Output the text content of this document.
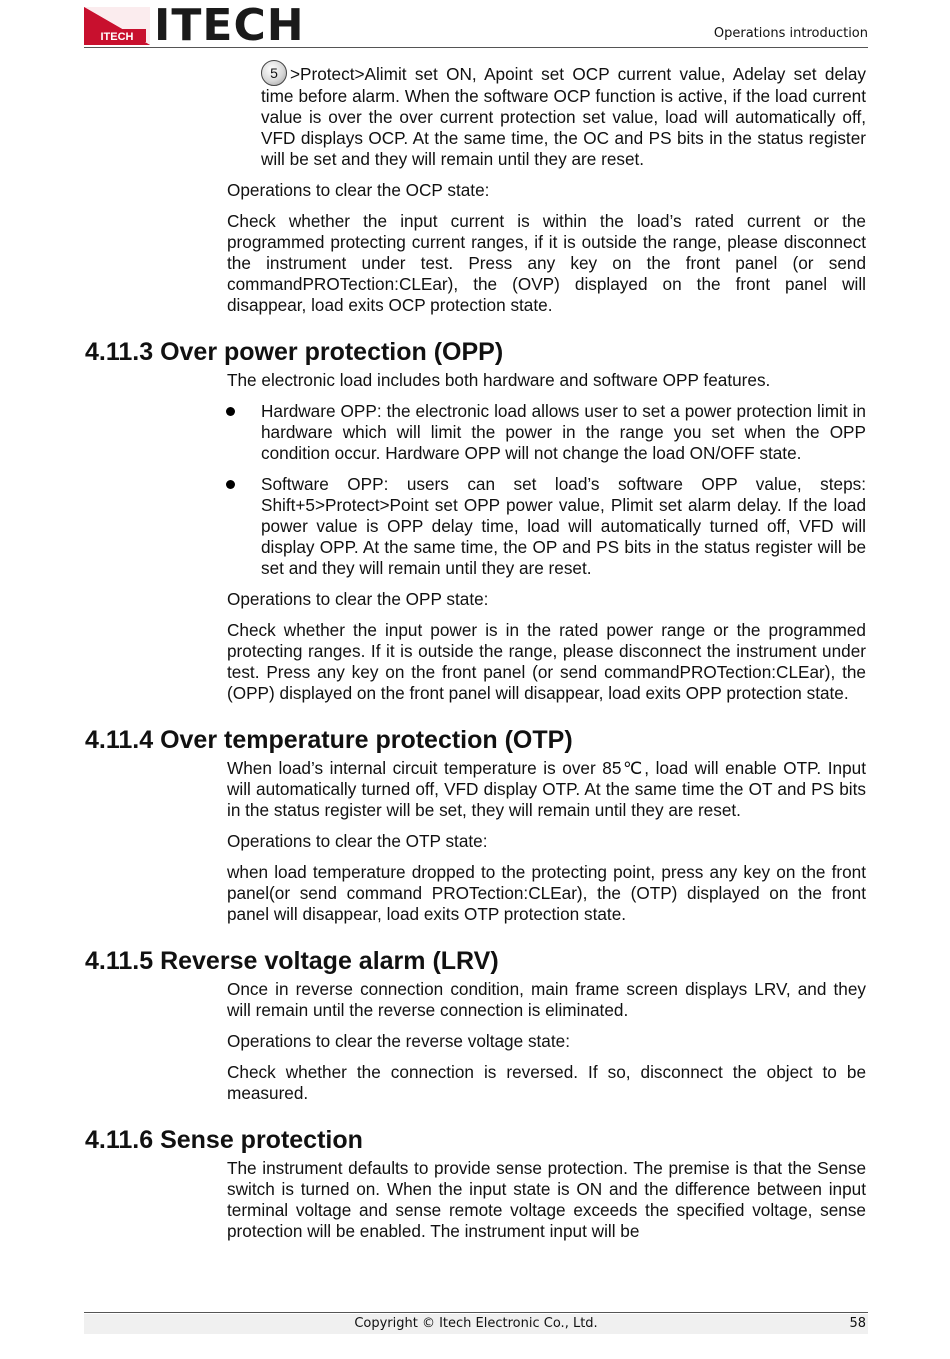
ITECH ITECH	Operations introduction

5 >Protect>Alimit set ON, Apoint set OCP current value, Adelay set delay time before alarm. When the software OCP function is active, if the load current value is over the over current protection set value, load will automatically off, VFD displays OCP. At the same time, the OC and PS bits in the status register will be set and they will remain until they are reset.

Operations to clear the OCP state:

Check whether the input current is within the load’s rated current or the programmed protecting current ranges, if it is outside the range, please disconnect the instrument under test. Press any key on the front panel (or send commandPROTection:CLEar), the (OVP) displayed on the front panel will disappear, load exits OCP protection state.

4.11.3 Over power protection (OPP)

The electronic load includes both hardware and software OPP features.

Hardware OPP: the electronic load allows user to set a power protection limit in hardware which will limit the power in the range you set when the OPP condition occur. Hardware OPP will not change the load ON/OFF state.
Software OPP: users can set load’s software OPP value, steps: Shift+5>Protect>Point set OPP power value, Plimit set alarm delay. If the load power value is OPP delay time, load will automatically turned off, VFD will display OPP. At the same time, the OP and PS bits in the status register will be set and they will remain until they are reset.

Operations to clear the OPP state:

Check whether the input power is in the rated power range or the programmed protecting ranges. If it is outside the range, please disconnect the instrument under test. Press any key on the front panel (or send commandPROTection:CLEar), the (OPP) displayed on the front panel will disappear, load exits OPP protection state.

4.11.4 Over temperature protection (OTP)

When load’s internal circuit temperature is over 85℃, load will enable OTP. Input will automatically turned off, VFD display OTP. At the same time the OT and PS bits in the status register will be set, they will remain until they are reset.

Operations to clear the OTP state:

when load temperature dropped to the protecting point, press any key on the front panel(or send command PROTection:CLEar), the (OTP) displayed on the front panel will disappear, load exits OTP protection state.

4.11.5 Reverse voltage alarm (LRV)

Once in reverse connection condition, main frame screen displays LRV, and they will remain until the reverse connection is eliminated.

Operations to clear the reverse voltage state:

Check whether the connection is reversed. If so, disconnect the object to be measured.

4.11.6 Sense protection

The instrument defaults to provide sense protection. The premise is that the Sense switch is turned on. When the input state is ON and the difference between input terminal voltage and sense remote voltage exceeds the specified voltage, sense protection will be enabled. The instrument input will be

Copyright © Itech Electronic Co., Ltd.	58
